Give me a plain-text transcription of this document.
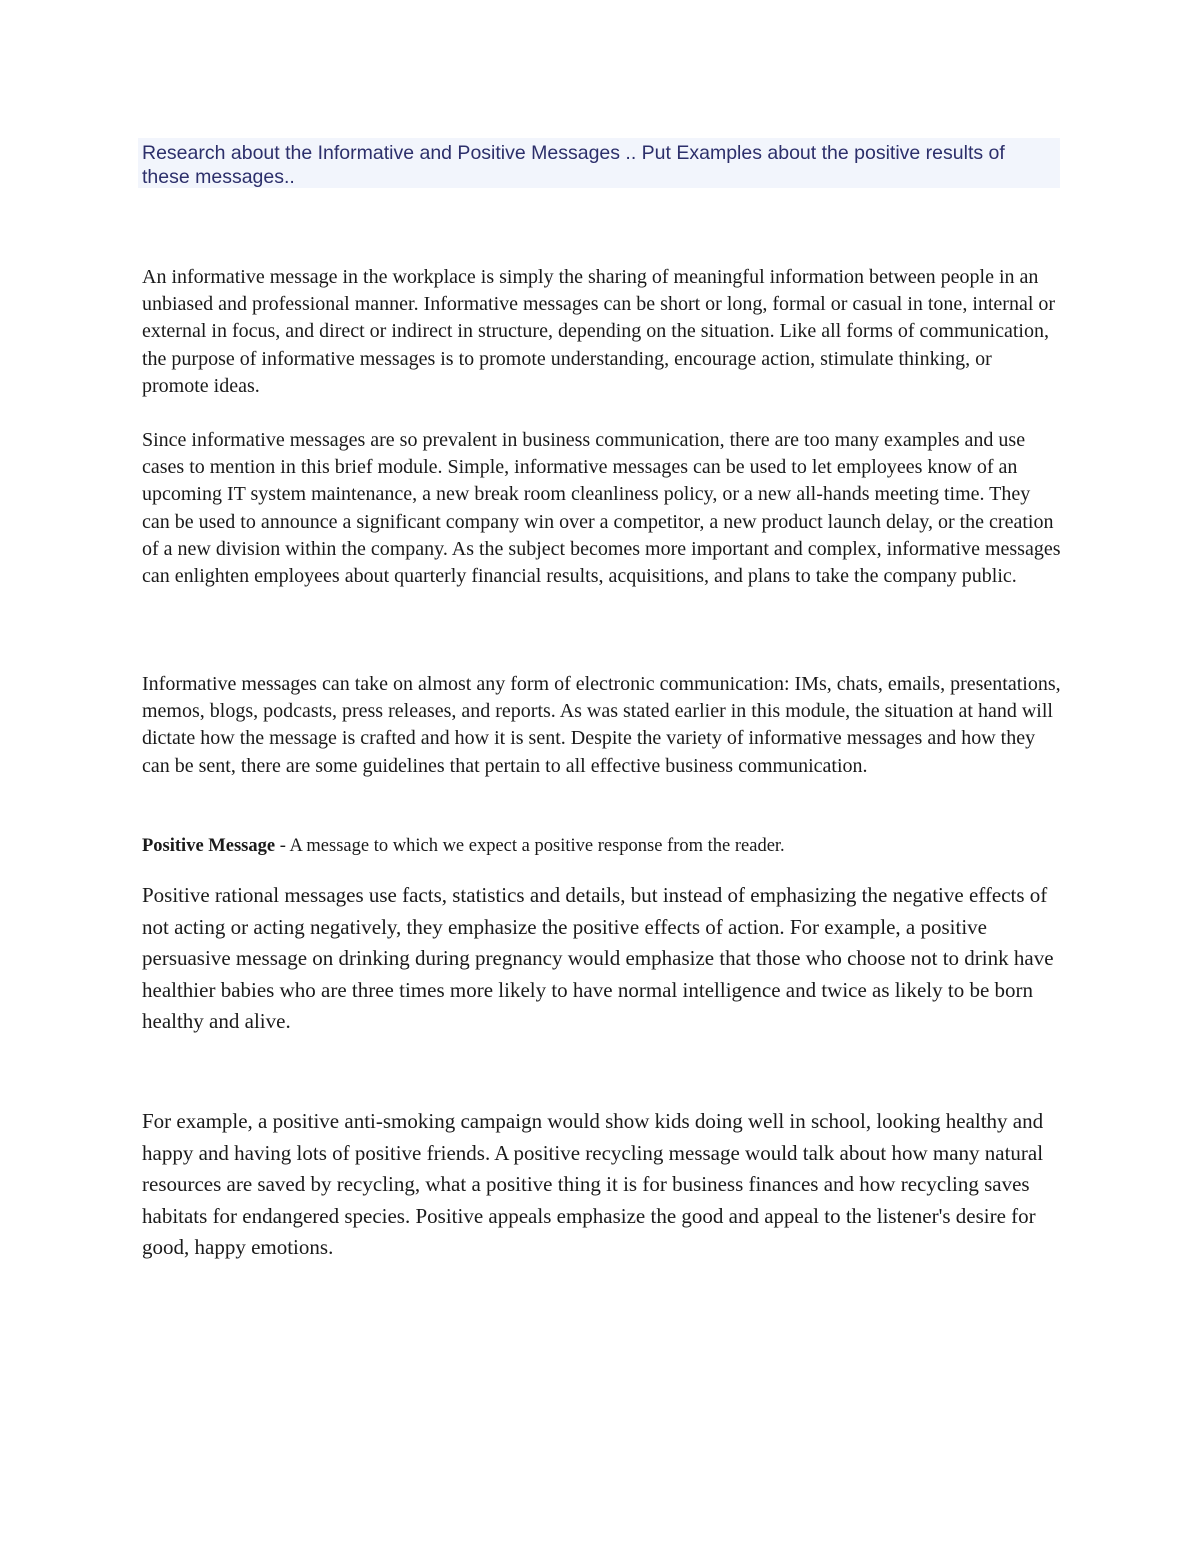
Research about the Informative and Positive Messages .. Put Examples about the positive results of these messages..

An informative message in the workplace is simply the sharing of meaningful information between people in an unbiased and professional manner. Informative messages can be short or long, formal or casual in tone, internal or external in focus, and direct or indirect in structure, depending on the situation. Like all forms of communication, the purpose of informative messages is to promote understanding, encourage action, stimulate thinking, or promote ideas.

Since informative messages are so prevalent in business communication, there are too many examples and use cases to mention in this brief module. Simple, informative messages can be used to let employees know of an upcoming IT system maintenance, a new break room cleanliness policy, or a new all-hands meeting time. They can be used to announce a significant company win over a competitor, a new product launch delay, or the creation of a new division within the company. As the subject becomes more important and complex, informative messages can enlighten employees about quarterly financial results, acquisitions, and plans to take the company public.

Informative messages can take on almost any form of electronic communication: IMs, chats, emails, presentations, memos, blogs, podcasts, press releases, and reports. As was stated earlier in this module, the situation at hand will dictate how the message is crafted and how it is sent. Despite the variety of informative messages and how they can be sent, there are some guidelines that pertain to all effective business communication.

Positive Message - A message to which we expect a positive response from the reader.

Positive rational messages use facts, statistics and details, but instead of emphasizing the negative effects of not acting or acting negatively, they emphasize the positive effects of action. For example, a positive persuasive message on drinking during pregnancy would emphasize that those who choose not to drink have healthier babies who are three times more likely to have normal intelligence and twice as likely to be born healthy and alive.

For example, a positive anti-smoking campaign would show kids doing well in school, looking healthy and happy and having lots of positive friends. A positive recycling message would talk about how many natural resources are saved by recycling, what a positive thing it is for business finances and how recycling saves habitats for endangered species. Positive appeals emphasize the good and appeal to the listener's desire for good, happy emotions.
